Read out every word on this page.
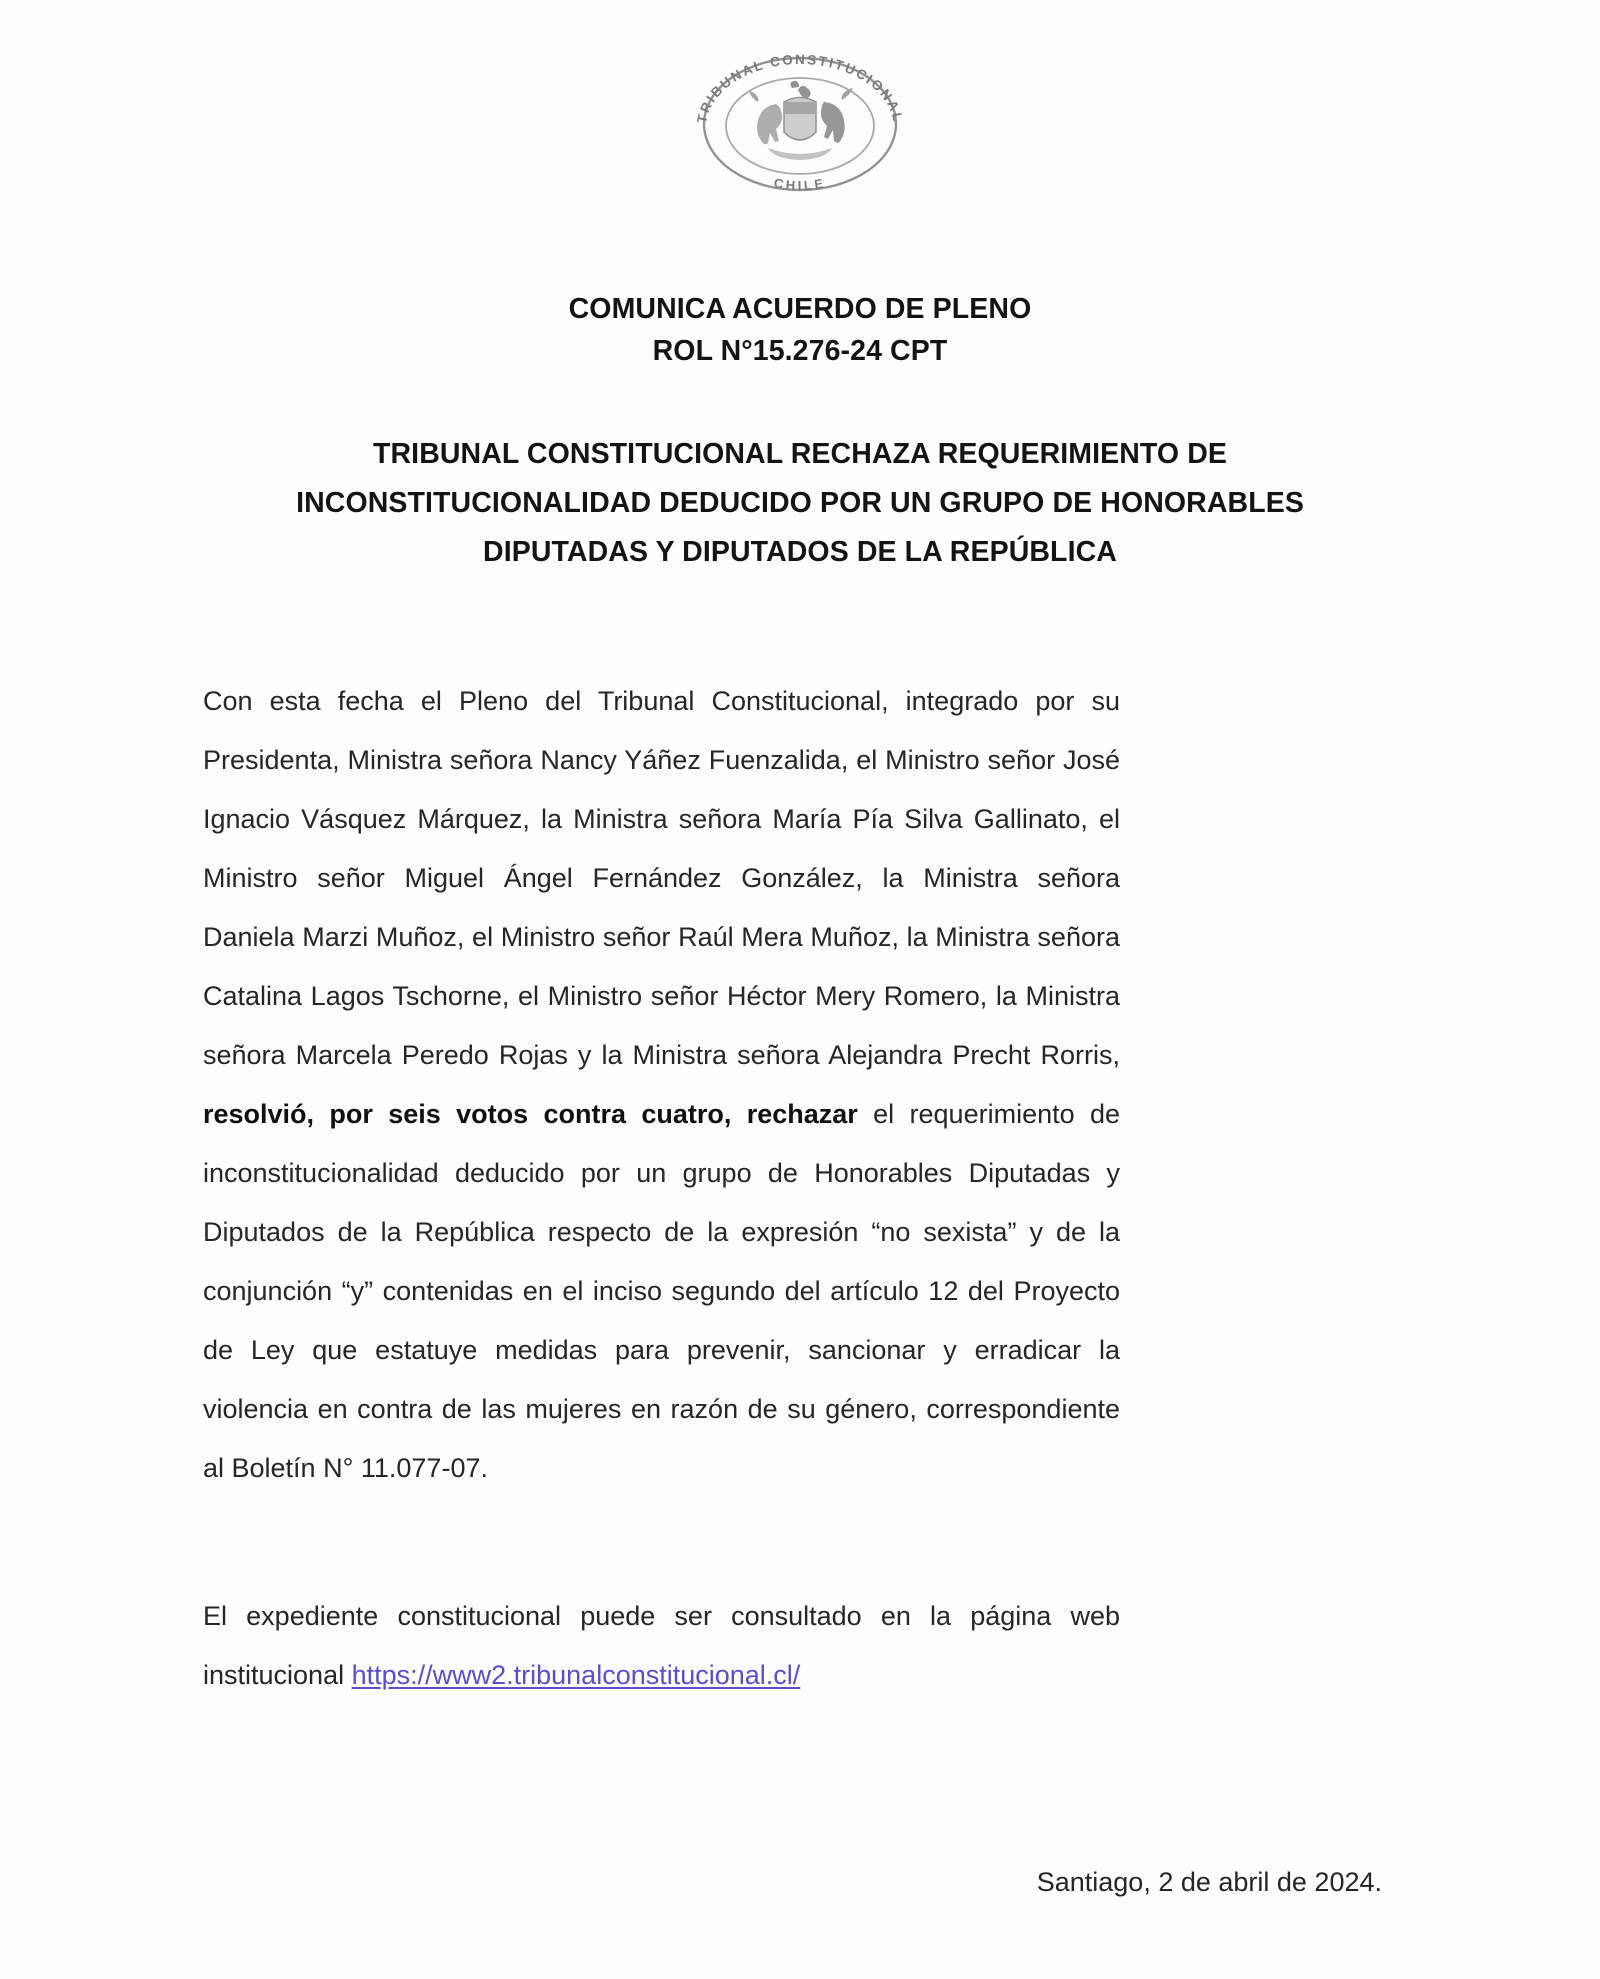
TRIBUNAL CONSTITUCIONAL
CHILE
COMUNICA ACUERDO DE PLENO
ROL N°15.276-24 CPT
TRIBUNAL CONSTITUCIONAL RECHAZA REQUERIMIENTO DE
INCONSTITUCIONALIDAD DEDUCIDO POR UN GRUPO DE HONORABLES
DIPUTADAS Y DIPUTADOS DE LA REPÚBLICA

Con esta fecha el Pleno del Tribunal Constitucional, integrado por su Presidenta, Ministra señora Nancy Yáñez Fuenzalida, el Ministro señor José Ignacio Vásquez Márquez, la Ministra señora María Pía Silva Gallinato, el Ministro señor Miguel Ángel Fernández González, la Ministra señora Daniela Marzi Muñoz, el Ministro señor Raúl Mera Muñoz, la Ministra señora Catalina Lagos Tschorne, el Ministro señor Héctor Mery Romero, la Ministra señora Marcela Peredo Rojas y la Ministra señora Alejandra Precht Rorris, resolvió, por seis votos contra cuatro, rechazar el requerimiento de inconstitucionalidad deducido por un grupo de Honorables Diputadas y Diputados de la República respecto de la expresión “no sexista” y de la conjunción “y” contenidas en el inciso segundo del artículo 12 del Proyecto de Ley que estatuye medidas para prevenir, sancionar y erradicar la violencia en contra de las mujeres en razón de su género, correspondiente al Boletín N° 11.077-07.

El expediente constitucional puede ser consultado en la página web institucional https://www2.tribunalconstitucional.cl/

Santiago, 2 de abril de 2024.
